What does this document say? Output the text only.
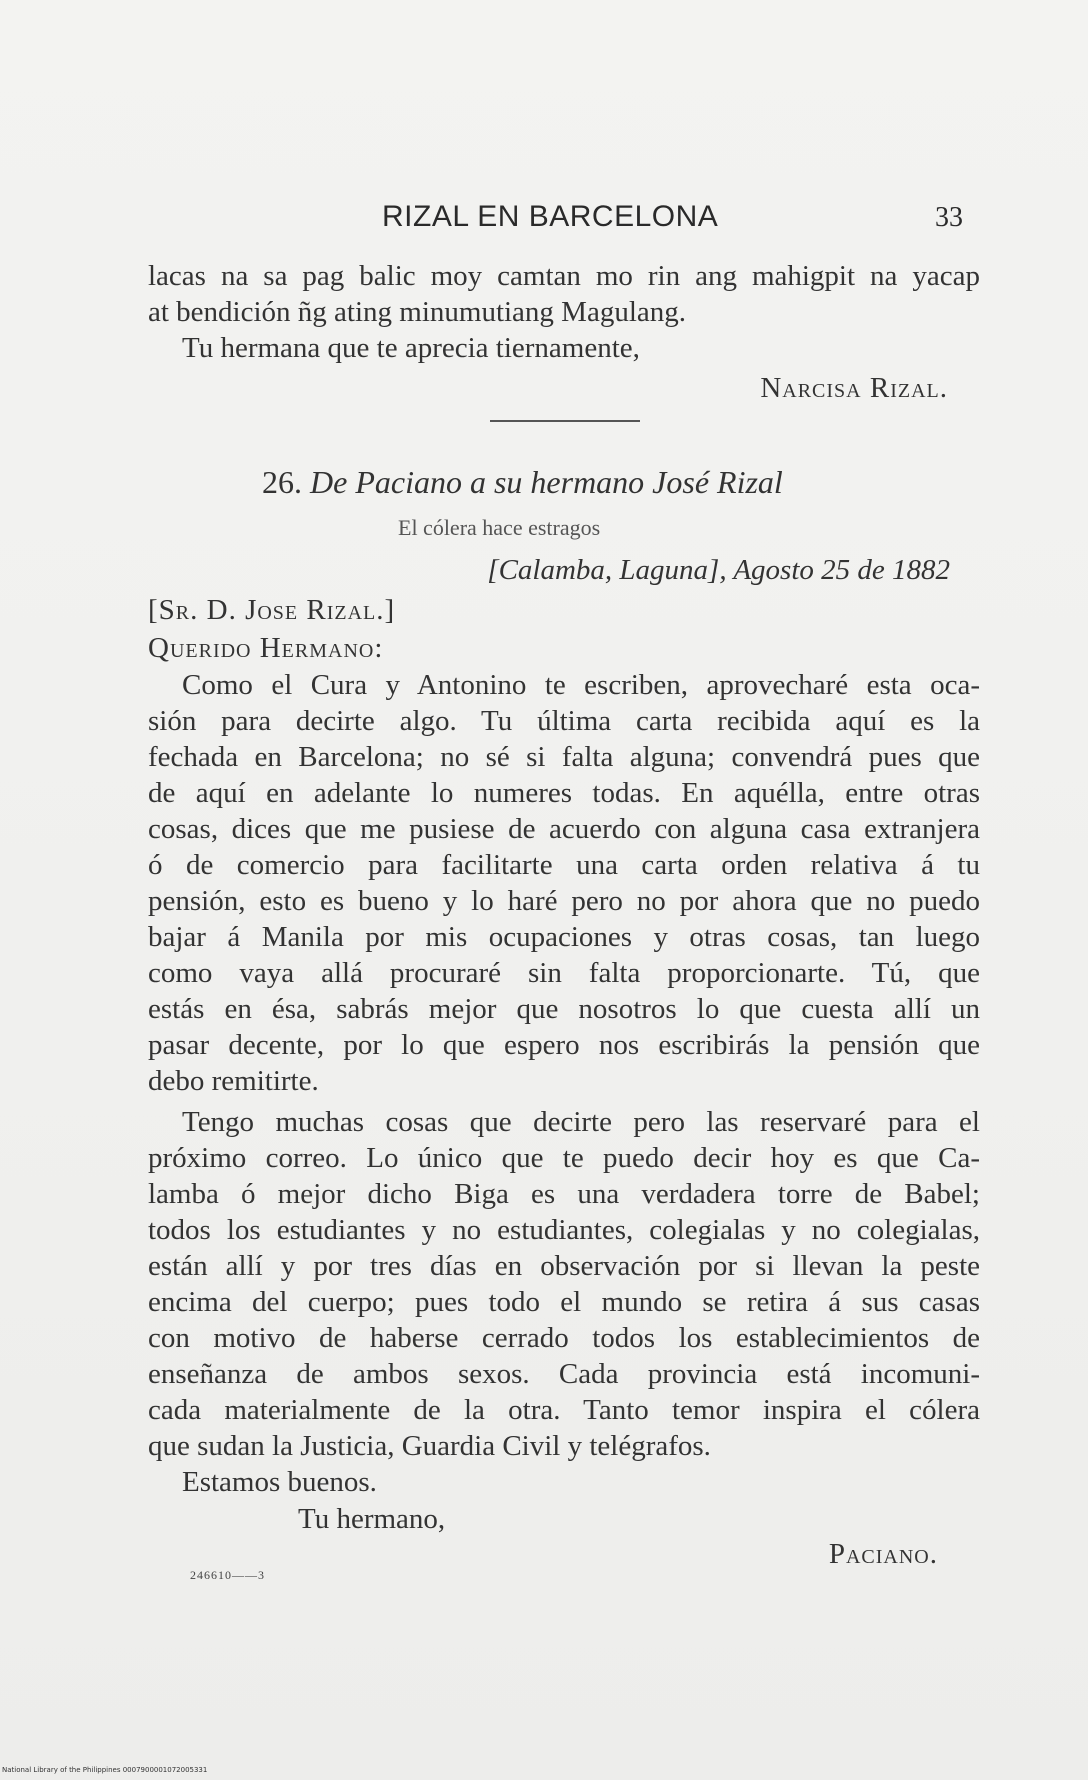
RIZAL EN BARCELONA	33
lacas na sa pag balic moy camtan mo rin ang mahigpit na yacap
at bendición ñg ating minumutiang Magulang.
Tu hermana que te aprecia tiernamente,
Narcisa Rizal.
26. De Paciano a su hermano José Rizal
El cólera hace estragos
[Calamba, Laguna], Agosto 25 de 1882
[Sr. D. Jose Rizal.]
Querido Hermano:
Como el Cura y Antonino te escriben, aprovecharé esta oca-
sión para decirte algo. Tu última carta recibida aquí es la
fechada en Barcelona; no sé si falta alguna; convendrá pues que
de aquí en adelante lo numeres todas. En aquélla, entre otras
cosas, dices que me pusiese de acuerdo con alguna casa extranjera
ó de comercio para facilitarte una carta orden relativa á tu
pensión, esto es bueno y lo haré pero no por ahora que no puedo
bajar á Manila por mis ocupaciones y otras cosas, tan luego
como vaya allá procuraré sin falta proporcionarte. Tú, que
estás en ésa, sabrás mejor que nosotros lo que cuesta allí un
pasar decente, por lo que espero nos escribirás la pensión que
debo remitirte.
Tengo muchas cosas que decirte pero las reservaré para el
próximo correo. Lo único que te puedo decir hoy es que Ca-
lamba ó mejor dicho Biga es una verdadera torre de Babel;
todos los estudiantes y no estudiantes, colegialas y no colegialas,
están allí y por tres días en observación por si llevan la peste
encima del cuerpo; pues todo el mundo se retira á sus casas
con motivo de haberse cerrado todos los establecimientos de
enseñanza de ambos sexos. Cada provincia está incomuni-
cada materialmente de la otra. Tanto temor inspira el cólera
que sudan la Justicia, Guardia Civil y telégrafos.
Estamos buenos.
Tu hermano,
Paciano.
246610——3
National Library of the Philippines 0007900001072005331
